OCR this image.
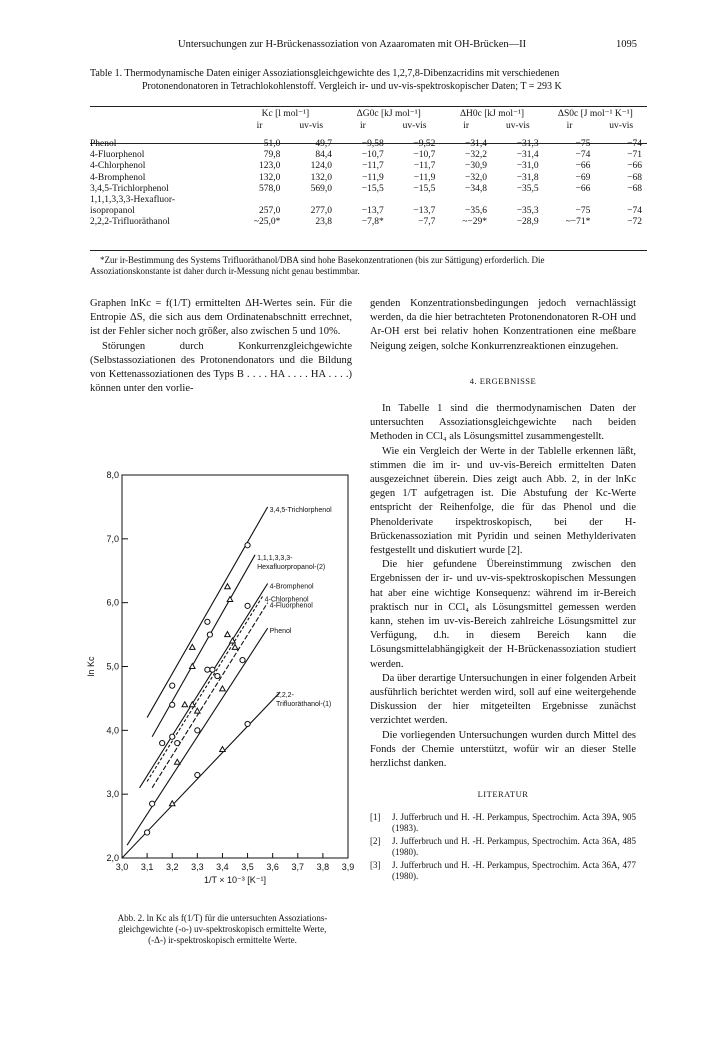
Untersuchungen zur H-Brückenassoziation von Azaaromaten mit OH-Brücken—II	1095
Table 1. Thermodynamische Daten einiger Assoziationsgleichgewichte des 1,2,7,8-Dibenzacridins mit verschiedenen
Protonendonatoren in Tetrachlokohlenstoff. Vergleich ir- und uv-vis-spektroskopischer Daten; T = 293 K
	Kc [l mol⁻¹]		ΔG0c [kJ mol⁻¹]		ΔH0c [kJ mol⁻¹]		ΔS0c [J mol⁻¹ K⁻¹]	
	ir	uv-vis	ir	uv-vis	ir	uv-vis	ir	uv-vis
Phenol	51,0	49,7	−9,58	−9,52	−31,4	−31,3	−75	−74
4-Fluorphenol	79,8	84,4	−10,7	−10,7	−32,2	−31,4	−74	−71
4-Chlorphenol	123,0	124,0	−11,7	−11,7	−30,9	−31,0	−66	−66
4-Bromphenol	132,0	132,0	−11,9	−11,9	−32,0	−31,8	−69	−68
3,4,5-Trichlorphenol	578,0	569,0	−15,5	−15,5	−34,8	−35,5	−66	−68
1,1,1,3,3,3-Hexafluor-								
isopropanol	257,0	277,0	−13,7	−13,7	−35,6	−35,3	−75	−74
2,2,2-Trifluoräthanol	~25,0*	23,8	−7,8*	−7,7	~−29*	−28,9	~−71*	−72
*Zur ir-Bestimmung des Systems Trifluoräthanol/DBA sind hohe Basekonzentrationen (bis zur Sättigung) erforderlich. Die
Assoziationskonstante ist daher durch ir-Messung nicht genau bestimmbar.

Graphen lnKc = f(1/T) ermittelten ΔH-Wertes sein. Für die Entropie ΔS, die sich aus dem Ordinatenabschnitt errechnet, ist der Fehler sicher noch größer, also zwischen 5 und 10%.

Störungen durch Konkurrenzgleichgewichte (Selbstassoziationen des Protonendonators und die Bildung von Kettenassoziationen des Typs B . . . . HA . . . . HA . . . .) können unter den vorlie-

3,0 3,1 3,2 3,3 3,4 3,5 3,6 3,7 3,8 3,9
2,0
3,0
4,0
5,0
6,0
7,0
8,0
1/T × 10⁻³ [K⁻¹]
ln Kc
3,4,5-Trichlorphenol
1,1,1,3,3,3-
Hexafluorpropanol-(2)
4-Bromphenol
4-Chlorphenol
4-Fluorphenol
Phenol
2,2,2-
Trifluoräthanol-(1)
Abb. 2. ln Kc als f(1/T) für die untersuchten Assoziations-
gleichgewichte (-o-) uv-spektroskopisch ermittelte Werte,
(-Δ-) ir-spektroskopisch ermittelte Werte.

genden Konzentrationsbedingungen jedoch vernachlässigt werden, da die hier betrachteten Protonendonatoren R-OH und Ar-OH erst bei relativ hohen Konzentrationen eine meßbare Neigung zeigen, solche Konkurrenzreaktionen einzugehen.

4. ERGEBNISSE

In Tabelle 1 sind die thermodynamischen Daten der untersuchten Assoziationsgleichgewichte nach beiden Methoden in CCl₄ als Lösungsmittel zusammengestellt.

Wie ein Vergleich der Werte in der Tablelle erkennen läßt, stimmen die im ir- und uv-vis-Bereich ermittelten Daten ausgezeichnet überein. Dies zeigt auch Abb. 2, in der lnKc gegen 1/T aufgetragen ist. Die Abstufung der Kc-Werte entspricht der Reihenfolge, die für das Phenol und die Phenolderivate irspektroskopisch, bei der H-Brückenassoziation mit Pyridin und seinen Methylderivaten festgestellt und diskutiert wurde [2].

Die hier gefundene Übereinstimmung zwischen den Ergebnissen der ir- und uv-vis-spektroskopischen Messungen hat aber eine wichtige Konsequenz: während im ir-Bereich praktisch nur in CCl₄ als Lösungsmittel gemessen werden kann, stehen im uv-vis-Bereich zahlreiche Lösungsmittel zur Verfügung, d.h. in diesem Bereich kann die Lösungsmittelabhängigkeit der H-Brückenassoziation studiert werden.

Da über derartige Untersuchungen in einer folgenden Arbeit ausführlich berichtet werden wird, soll auf eine weitergehende Diskussion der hier mitgeteilten Ergebnisse zunächst verzichtet werden.

Die vorliegenden Untersuchungen wurden durch Mittel des Fonds der Chemie unterstützt, wofür wir an dieser Stelle herzlichst danken.

LITERATUR
[1]	J. Jufferbruch und H. -H. Perkampus, Spectrochim. Acta 39A, 905 (1983).
[2]	J. Jufferbruch und H. -H. Perkampus, Spectrochim. Acta 36A, 485 (1980).
[3]	J. Jufferbruch und H. -H. Perkampus, Spectrochim. Acta 36A, 477 (1980).
